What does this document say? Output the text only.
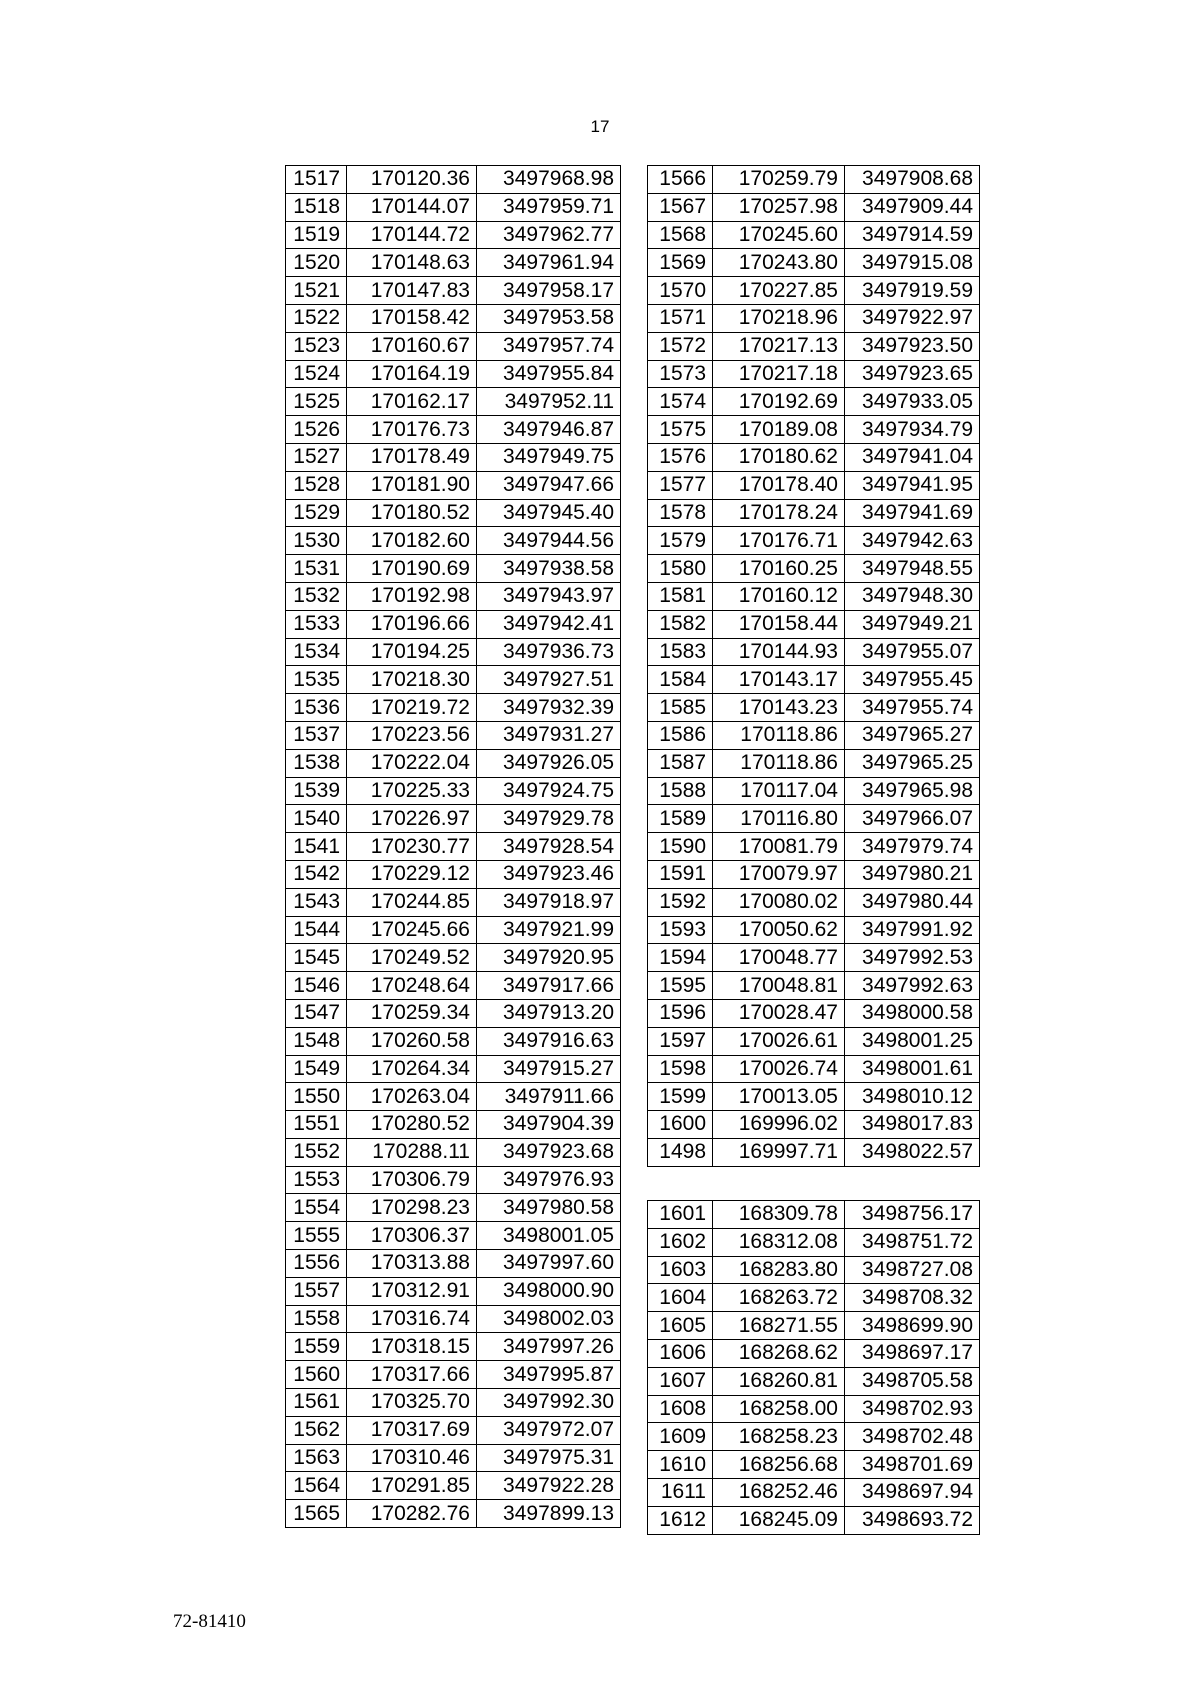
17
1517	170120.36	3497968.98
1518	170144.07	3497959.71
1519	170144.72	3497962.77
1520	170148.63	3497961.94
1521	170147.83	3497958.17
1522	170158.42	3497953.58
1523	170160.67	3497957.74
1524	170164.19	3497955.84
1525	170162.17	3497952.11
1526	170176.73	3497946.87
1527	170178.49	3497949.75
1528	170181.90	3497947.66
1529	170180.52	3497945.40
1530	170182.60	3497944.56
1531	170190.69	3497938.58
1532	170192.98	3497943.97
1533	170196.66	3497942.41
1534	170194.25	3497936.73
1535	170218.30	3497927.51
1536	170219.72	3497932.39
1537	170223.56	3497931.27
1538	170222.04	3497926.05
1539	170225.33	3497924.75
1540	170226.97	3497929.78
1541	170230.77	3497928.54
1542	170229.12	3497923.46
1543	170244.85	3497918.97
1544	170245.66	3497921.99
1545	170249.52	3497920.95
1546	170248.64	3497917.66
1547	170259.34	3497913.20
1548	170260.58	3497916.63
1549	170264.34	3497915.27
1550	170263.04	3497911.66
1551	170280.52	3497904.39
1552	170288.11	3497923.68
1553	170306.79	3497976.93
1554	170298.23	3497980.58
1555	170306.37	3498001.05
1556	170313.88	3497997.60
1557	170312.91	3498000.90
1558	170316.74	3498002.03
1559	170318.15	3497997.26
1560	170317.66	3497995.87
1561	170325.70	3497992.30
1562	170317.69	3497972.07
1563	170310.46	3497975.31
1564	170291.85	3497922.28
1565	170282.76	3497899.13
1566	170259.79	3497908.68
1567	170257.98	3497909.44
1568	170245.60	3497914.59
1569	170243.80	3497915.08
1570	170227.85	3497919.59
1571	170218.96	3497922.97
1572	170217.13	3497923.50
1573	170217.18	3497923.65
1574	170192.69	3497933.05
1575	170189.08	3497934.79
1576	170180.62	3497941.04
1577	170178.40	3497941.95
1578	170178.24	3497941.69
1579	170176.71	3497942.63
1580	170160.25	3497948.55
1581	170160.12	3497948.30
1582	170158.44	3497949.21
1583	170144.93	3497955.07
1584	170143.17	3497955.45
1585	170143.23	3497955.74
1586	170118.86	3497965.27
1587	170118.86	3497965.25
1588	170117.04	3497965.98
1589	170116.80	3497966.07
1590	170081.79	3497979.74
1591	170079.97	3497980.21
1592	170080.02	3497980.44
1593	170050.62	3497991.92
1594	170048.77	3497992.53
1595	170048.81	3497992.63
1596	170028.47	3498000.58
1597	170026.61	3498001.25
1598	170026.74	3498001.61
1599	170013.05	3498010.12
1600	169996.02	3498017.83
1498	169997.71	3498022.57
1601	168309.78	3498756.17
1602	168312.08	3498751.72
1603	168283.80	3498727.08
1604	168263.72	3498708.32
1605	168271.55	3498699.90
1606	168268.62	3498697.17
1607	168260.81	3498705.58
1608	168258.00	3498702.93
1609	168258.23	3498702.48
1610	168256.68	3498701.69
1611	168252.46	3498697.94
1612	168245.09	3498693.72
72-81410
